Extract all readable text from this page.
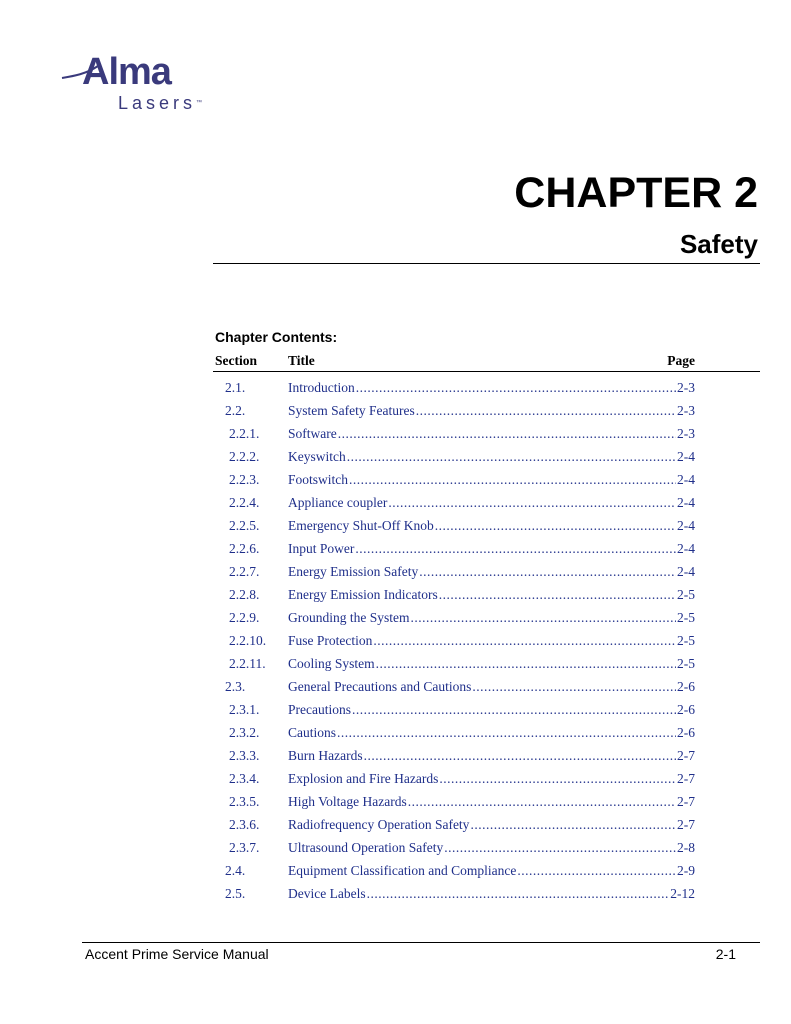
Alma
Lasers™
CHAPTER 2
Safety
Chapter Contents:
Section Title	Page
2.1.	Introduction .....	2-3
2.2.	System Safety Features .....	2-3
2.2.1. Software .....	2-3
2.2.2. Keyswitch .....	2-4
2.2.3. Footswitch .....	2-4
2.2.4. Appliance coupler .....	2-4
2.2.5. Emergency Shut-Off Knob .....	2-4
2.2.6. Input Power .....	2-4
2.2.7. Energy Emission Safety .....	2-4
2.2.8. Energy Emission Indicators .....	2-5
2.2.9. Grounding the System .....	2-5
2.2.10. Fuse Protection .....	2-5
2.2.11. Cooling System .....	2-5
2.3.	General Precautions and Cautions .....	2-6
2.3.1. Precautions .....	2-6
2.3.2. Cautions .....	2-6
2.3.3. Burn Hazards .....	2-7
2.3.4. Explosion and Fire Hazards .....	2-7
2.3.5. High Voltage Hazards .....	2-7
2.3.6. Radiofrequency Operation Safety .....	2-7
2.3.7. Ultrasound Operation Safety .....	2-8
2.4.	Equipment Classification and Compliance .....	2-9
2.5.	Device Labels .....	2-12
Accent Prime Service Manual	2-1
